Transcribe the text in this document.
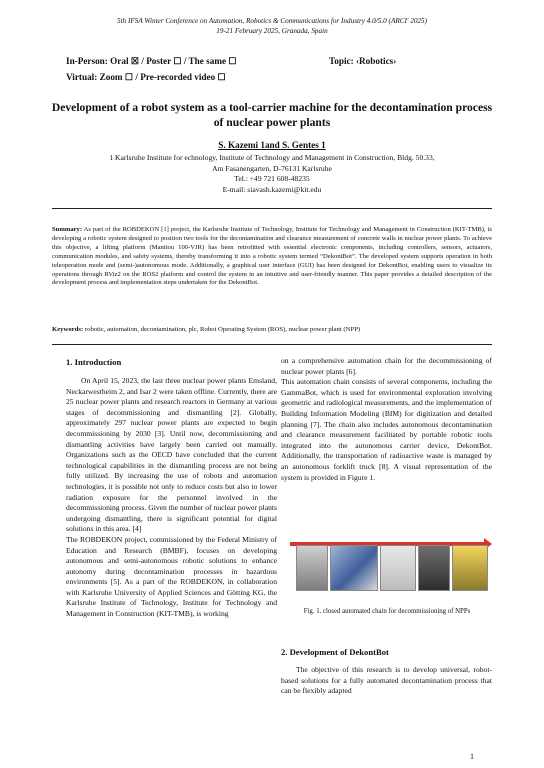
5th IFSA Winter Conference on Automation, Robotics & Communications for Industry 4.0/5.0 (ARCI' 2025)
19-21 February 2025, Granada, Spain
In-Person: Oral ☒ / Poster ☐ / The same ☐	Topic: ‹Robotics›
Virtual: Zoom ☐ / Pre-recorded video ☐
Development of a robot system as a tool-carrier machine for the decontamination process of nuclear power plants
S. Kazemi 1and S. Gentes 1
1 Karlsruhe Institute for echnology, Institute of Technology and Management in Construction, Bldg. 50.33,
Am Fasanengarten, D-76131 Karlsruhe
Tel.: +49 721 608-48235
E-mail: siavash.kazemi@kit.edu
Summary: As part of the ROBDEKON [1] project, the Karlsruhe Institute of Technology, Institute for Technology and Management in Construction (KIT-TMB), is developing a robotic system designed to position two tools for the decontamination and clearance measurement of concrete walls in nuclear power plants. To achieve this objective, a lifting platform (Manitou 100-VJR) has been retrofitted with essential electronic components, including controllers, sensors, actuators, communication modules, and safety systems, thereby transforming it into a robotic system termed “DekontBot”. The developed system supports operation in both teleoperation mode and (semi-)autonomous mode. Additionally, a graphical user interface (GUI) has been designed for DekontBot, enabling users to visualize its operations through RViz2 on the ROS2 platform and control the system in an intuitive and user-friendly manner. This paper provides a detailed description of the development process and implementation steps undertaken for the DekontBot.
Keywords: robotic, automation, decontamination, plc, Robot Operating System (ROS), nuclear power plant (NPP)
1. Introduction

On April 15, 2023, the last three nuclear power plants Emsland, Neckarwestheim 2, and Isar 2 were taken offline. Currently, there are 25 nuclear power plants and research reactors in Germany at various stages of decommissioning and dismantling [2]. Globally, approximately 297 nuclear power plants are expected to begin decommissioning by 2030 [3]. Until now, decommissioning and dismantling activities have largely been carried out manually. Organizations such as the OECD have concluded that the current technological capabilities in the dismantling process are not being fully utilized. By increasing the use of robots and automation technologies, it is possible not only to reduce costs but also to lower radiation exposure for the personnel involved in the decommissioning process. Given the number of nuclear power plants undergoing dismantling, there is significant potential for digital solutions in this area. [4]

The ROBDEKON project, commissioned by the Federal Ministry of Education and Research (BMBF), focuses on developing autonomous and semi-autonomous robotic solutions to enhance autonomy during decontamination processes in hazardous environments [5]. As a part of the ROBDEKON, in collaboration with Karlsruhe University of Applied Sciences and Götting KG, the Karlsruhe Institute of Technology, Institute for Technology and Management in Construction (KIT-TMB), is working

on a comprehensive automation chain for the decommissioning of nuclear power plants [6].

This automation chain consists of several components, including the GammaBot, which is used for environmental exploration involving geometric and radiological measurements, and the implementation of Building Information Modeling (BIM) for digitization and detailed planning [7]. The chain also includes autonomous decontamination and clearance measurement facilitated by portable robotic tools integrated into the autonomous carrier device, DekontBot. Additionally, the transportation of radioactive waste is managed by an autonomous forklift truck [8]. A visual representation of the system is provided in Figure 1.

Fig. 1. closed automated chain for decommissioning of NPPs
2. Development of DekontBot

The objective of this research is to develop universal, robot-based solutions for a fully automated decontamination process that can be flexibly adapted

1
